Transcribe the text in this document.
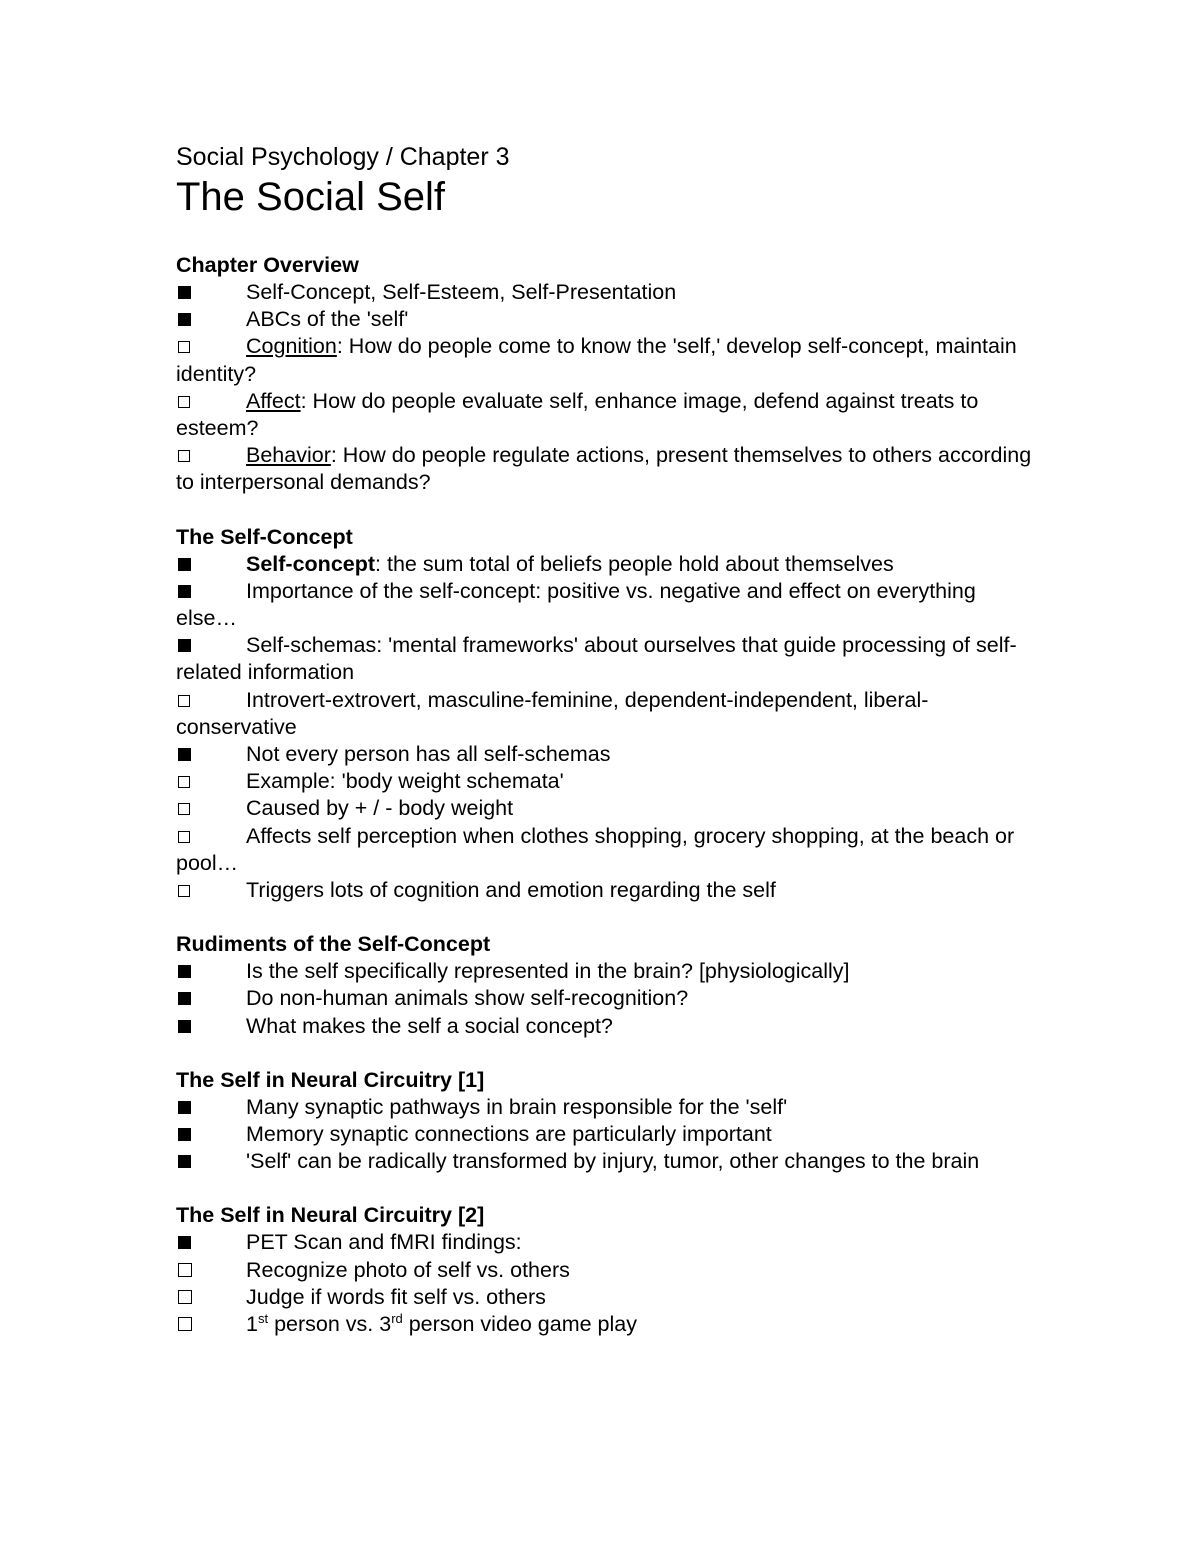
Social Psychology / Chapter 3

The Social Self
Chapter Overview

Self-Concept, Self-Esteem, Self-Presentation

ABCs of the 'self'

Cognition: How do people come to know the 'self,' develop self-concept, maintain identity?

Affect: How do people evaluate self, enhance image, defend against treats to esteem?

Behavior: How do people regulate actions, present themselves to others according to interpersonal demands?

The Self-Concept

Self-concept: the sum total of beliefs people hold about themselves

Importance of the self-concept: positive vs. negative and effect on everything else…

Self-schemas: 'mental frameworks' about ourselves that guide processing of self-related information

Introvert-extrovert, masculine-feminine, dependent-independent, liberal-conservative

Not every person has all self-schemas

Example: 'body weight schemata'

Caused by + / - body weight

Affects self perception when clothes shopping, grocery shopping, at the beach or pool…

Triggers lots of cognition and emotion regarding the self

Rudiments of the Self-Concept

Is the self specifically represented in the brain? [physiologically]

Do non-human animals show self-recognition?

What makes the self a social concept?

The Self in Neural Circuitry [1]

Many synaptic pathways in brain responsible for the 'self'

Memory synaptic connections are particularly important

'Self' can be radically transformed by injury, tumor, other changes to the brain

The Self in Neural Circuitry [2]

PET Scan and fMRI findings:

Recognize photo of self vs. others

Judge if words fit self vs. others

1st person vs. 3rd person video game play
